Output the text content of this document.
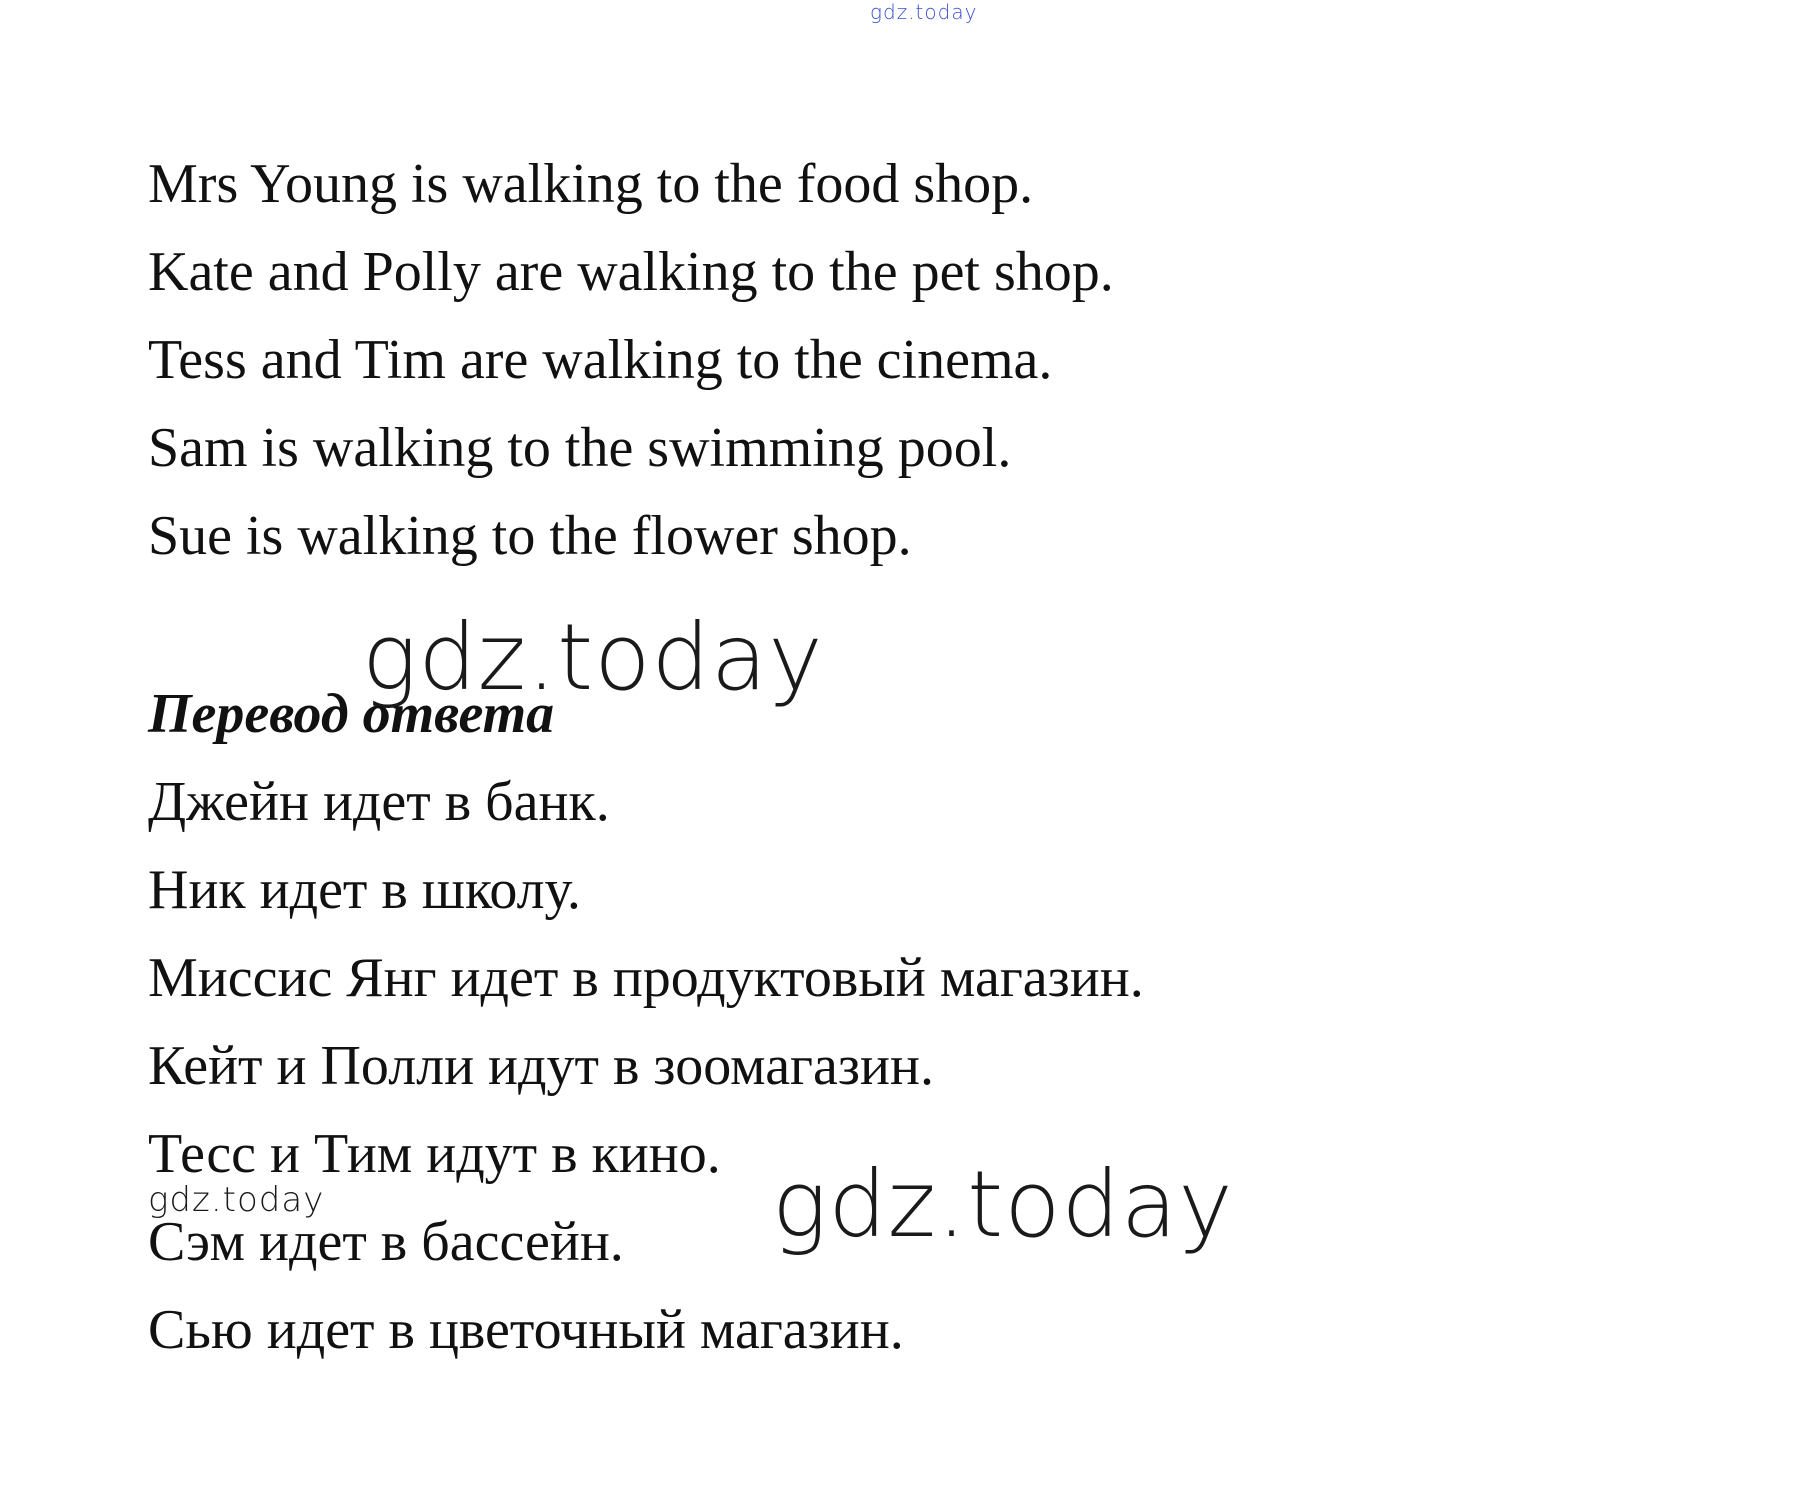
gdz.today
Mrs Young is walking to the food shop.
Kate and Polly are walking to the pet shop.
Tess and Tim are walking to the cinema.
Sam is walking to the swimming pool.
Sue is walking to the flower shop.
gdz.today
Перевод ответа
Джейн идет в банк.
Ник идет в школу.
Миссис Янг идет в продуктовый магазин.
Кейт и Полли идут в зоомагазин.
Тесс и Тим идут в кино.
Сэм идет в бассейн.
Сью идет в цветочный магазин.
gdz.today	gdz.today
